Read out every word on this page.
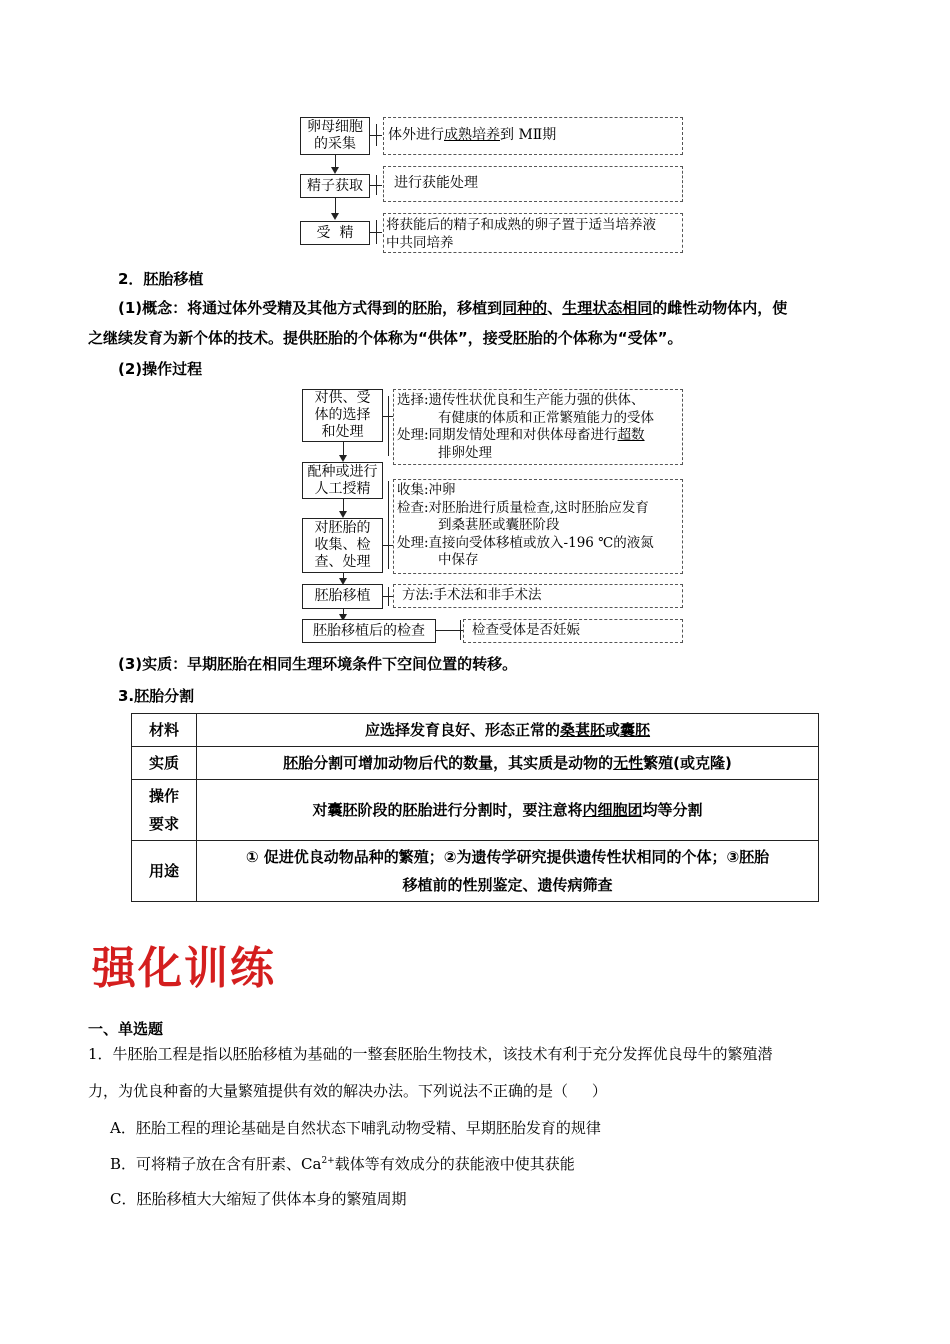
卵母细胞
的采集
精子获取
受  精
体外进行成熟培养到 MⅡ期
进行获能处理
将获能后的精子和成熟的卵子置于适当培养液
中共同培养
2．胚胎移植
(1)概念：将通过体外受精及其他方式得到的胚胎，移植到同种的、生理状态相同的雌性动物体内，使
之继续发育为新个体的技术。提供胚胎的个体称为“供体”，接受胚胎的个体称为“受体”。
(2)操作过程
对供、受
体的选择
和处理
配种或进行
人工授精
对胚胎的
收集、检
查、处理
胚胎移植
胚胎移植后的检查
选择:遗传性状优良和生产能力强的供体、
有健康的体质和正常繁殖能力的受体
处理:同期发情处理和对供体母畜进行超数
排卵处理
收集:冲卵
检查:对胚胎进行质量检查,这时胚胎应发育
到桑葚胚或囊胚阶段
处理:直接向受体移植或放入-196 ℃的液氮
中保存
方法:手术法和非手术法
检查受体是否妊娠
(3)实质：早期胚胎在相同生理环境条件下空间位置的转移。
3.胚胎分割
材料	应选择发育良好、形态正常的桑葚胚或囊胚
实质	胚胎分割可增加动物后代的数量，其实质是动物的无性繁殖(或克隆)

操作
要求	对囊胚阶段的胚胎进行分割时，要注意将内细胞团均等分割
用途	① 促进优良动物品种的繁殖；②为遗传学研究提供遗传性状相同的个体；③胚胎
移植前的性别鉴定、遗传病筛查
强化训练
一、单选题
1．牛胚胎工程是指以胚胎移植为基础的一整套胚胎生物技术，该技术有利于充分发挥优良母牛的繁殖潜
力，为优良种畜的大量繁殖提供有效的解决办法。下列说法不正确的是（     ）
A．胚胎工程的理论基础是自然状态下哺乳动物受精、早期胚胎发育的规律
B．可将精子放在含有肝素、$Ca^{2+}$载体等有效成分的获能液中使其获能
C．胚胎移植大大缩短了供体本身的繁殖周期
